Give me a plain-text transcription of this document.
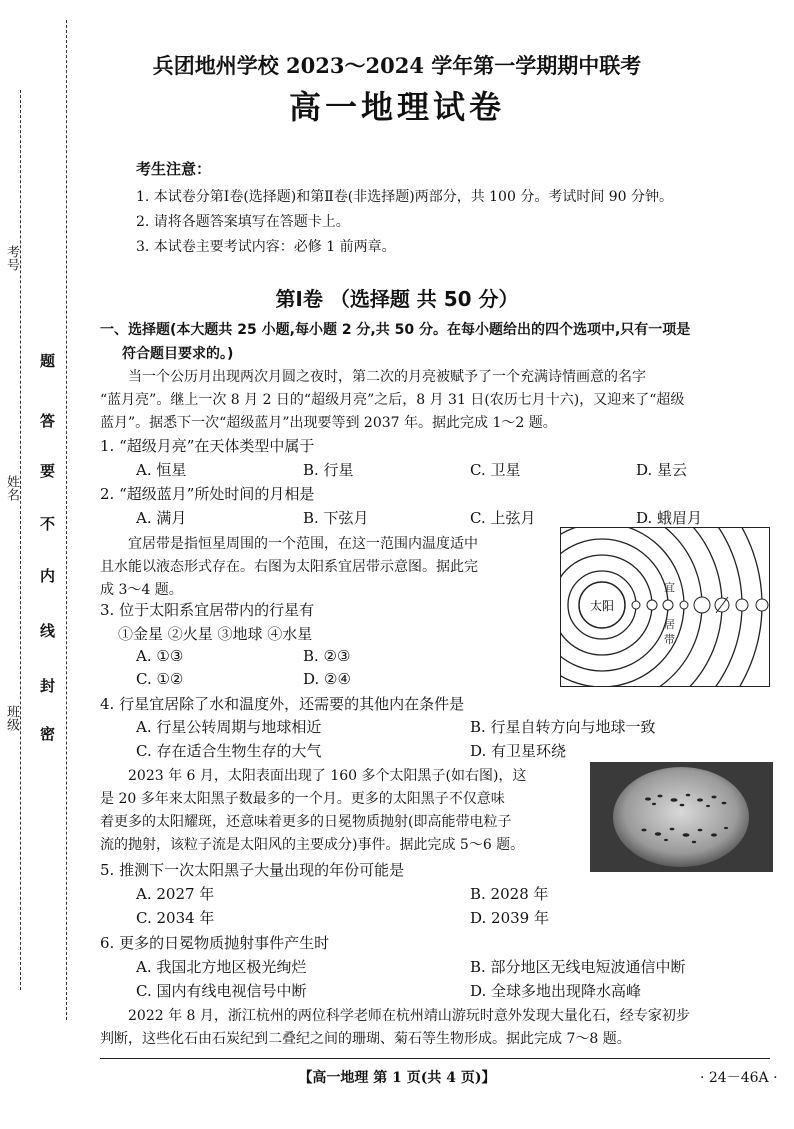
考号
姓名
班级
题
答
要
不
内
线
封
密
兵团地州学校 2023～2024 学年第一学期期中联考
高一地理试卷
考生注意：
1. 本试卷分第Ⅰ卷(选择题)和第Ⅱ卷(非选择题)两部分，共 100 分。考试时间 90 分钟。
2. 请将各题答案填写在答题卡上。
3. 本试卷主要考试内容：必修 1 前两章。
第Ⅰ卷 （选择题 共 50 分）
一、选择题(本大题共 25 小题,每小题 2 分,共 50 分。在每小题给出的四个选项中,只有一项是
符合题目要求的。)
当一个公历月出现两次月圆之夜时，第二次的月亮被赋予了一个充满诗情画意的名字
“蓝月亮”。继上一次 8 月 2 日的“超级月亮”之后，8 月 31 日(农历七月十六)，又迎来了“超级
蓝月”。据悉下一次“超级蓝月”出现要等到 2037 年。据此完成 1～2 题。
1. “超级月亮”在天体类型中属于
A. 恒星	B. 行星	C. 卫星	D. 星云
2. “超级蓝月”所处时间的月相是
A. 满月	B. 下弦月	C. 上弦月	D. 蛾眉月
宜居带是指恒星周围的一个范围，在这一范围内温度适中
且水能以液态形式存在。右图为太阳系宜居带示意图。据此完
成 3～4 题。
太阳
宜 居 带
3. 位于太阳系宜居带内的行星有
①金星 ②火星 ③地球 ④水星
A. ①③	B. ②③
C. ①②	D. ②④
4. 行星宜居除了水和温度外，还需要的其他内在条件是
A. 行星公转周期与地球相近	B. 行星自转方向与地球一致
C. 存在适合生物生存的大气	D. 有卫星环绕
2023 年 6 月，太阳表面出现了 160 多个太阳黑子(如右图)，这
是 20 多年来太阳黑子数最多的一个月。更多的太阳黑子不仅意味
着更多的太阳耀斑，还意味着更多的日冕物质抛射(即高能带电粒子
流的抛射，该粒子流是太阳风的主要成分)事件。据此完成 5～6 题。
5. 推测下一次太阳黑子大量出现的年份可能是
A. 2027 年	B. 2028 年
C. 2034 年	D. 2039 年
6. 更多的日冕物质抛射事件产生时
A. 我国北方地区极光绚烂	B. 部分地区无线电短波通信中断
C. 国内有线电视信号中断	D. 全球多地出现降水高峰
2022 年 8 月，浙江杭州的两位科学老师在杭州靖山游玩时意外发现大量化石，经专家初步
判断，这些化石由石炭纪到二叠纪之间的珊瑚、菊石等生物形成。据此完成 7～8 题。
【高一地理 第 1 页(共 4 页)】	· 24－46A ·
